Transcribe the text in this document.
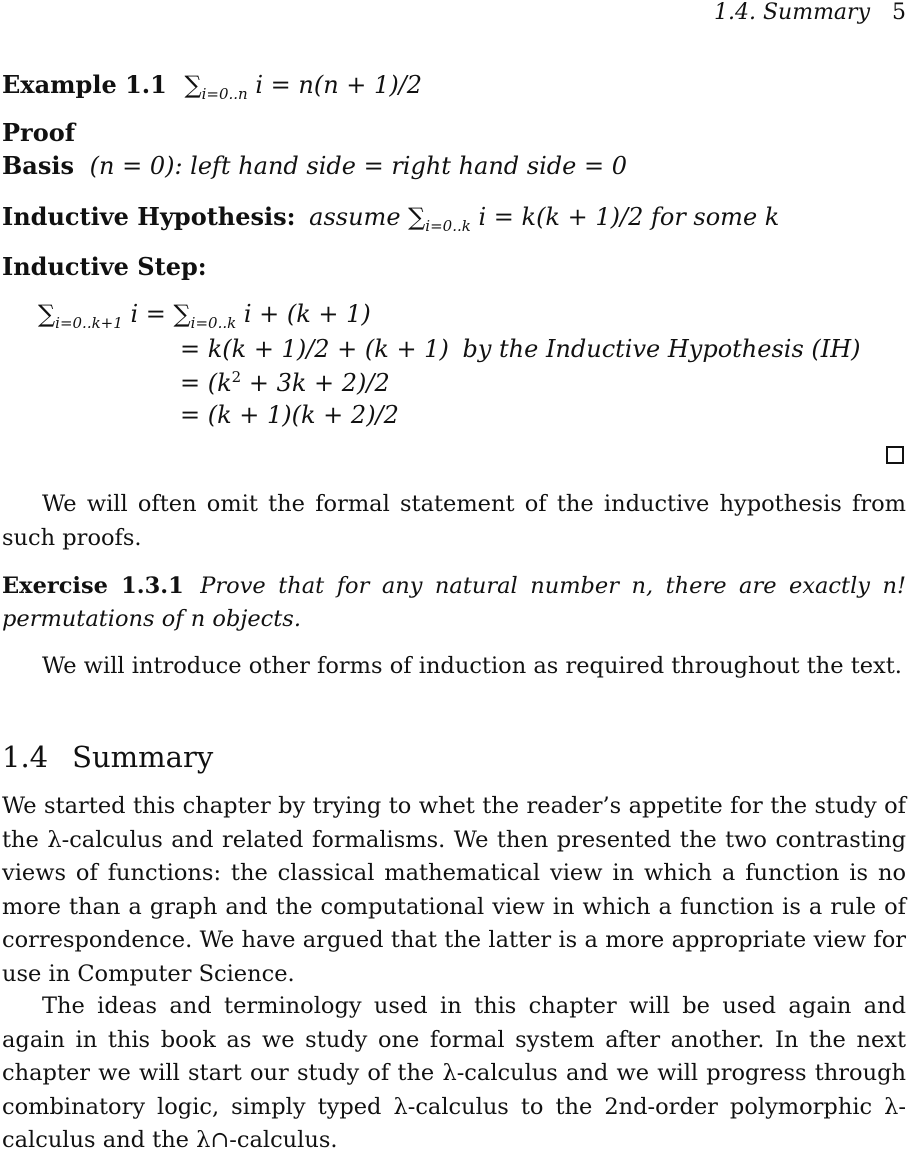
1.4. Summary 5
Example 1.1 $\sum_{i=0..n}$ i = n(n + 1)/2
Proof
Basis (n = 0): left hand side = right hand side = 0
Inductive Hypothesis: assume $\sum_{i=0..k}$ i = k(k + 1)/2 for some k
Inductive Step:
$\sum_{i=0..k+1}$ $i = \sum_{i=0..k}$ i + (k + 1)
= k(k + 1)/2 + (k + 1) by the Inductive Hypothesis (IH)
= $(k^2 + 3k + 2)/2$
= (k + 1)(k + 2)/2
We will often omit the formal statement of the inductive hypothesis from such proofs.
Exercise 1.3.1 Prove that for any natural number n, there are exactly n! permutations of n objects.
We will introduce other forms of induction as required throughout the text.
1.4 Summary
We started this chapter by trying to whet the reader’s appetite for the study of the λ-calculus and related formalisms. We then presented the two contrasting views of functions: the classical mathematical view in which a function is no more than a graph and the computational view in which a function is a rule of correspondence. We have argued that the latter is a more appropriate view for use in Computer Science.
The ideas and terminology used in this chapter will be used again and again in this book as we study one formal system after another. In the next chapter we will start our study of the λ-calculus and we will progress through combinatory logic, simply typed λ-calculus to the 2nd-order polymorphic λ-calculus and the λ∩-calculus.
